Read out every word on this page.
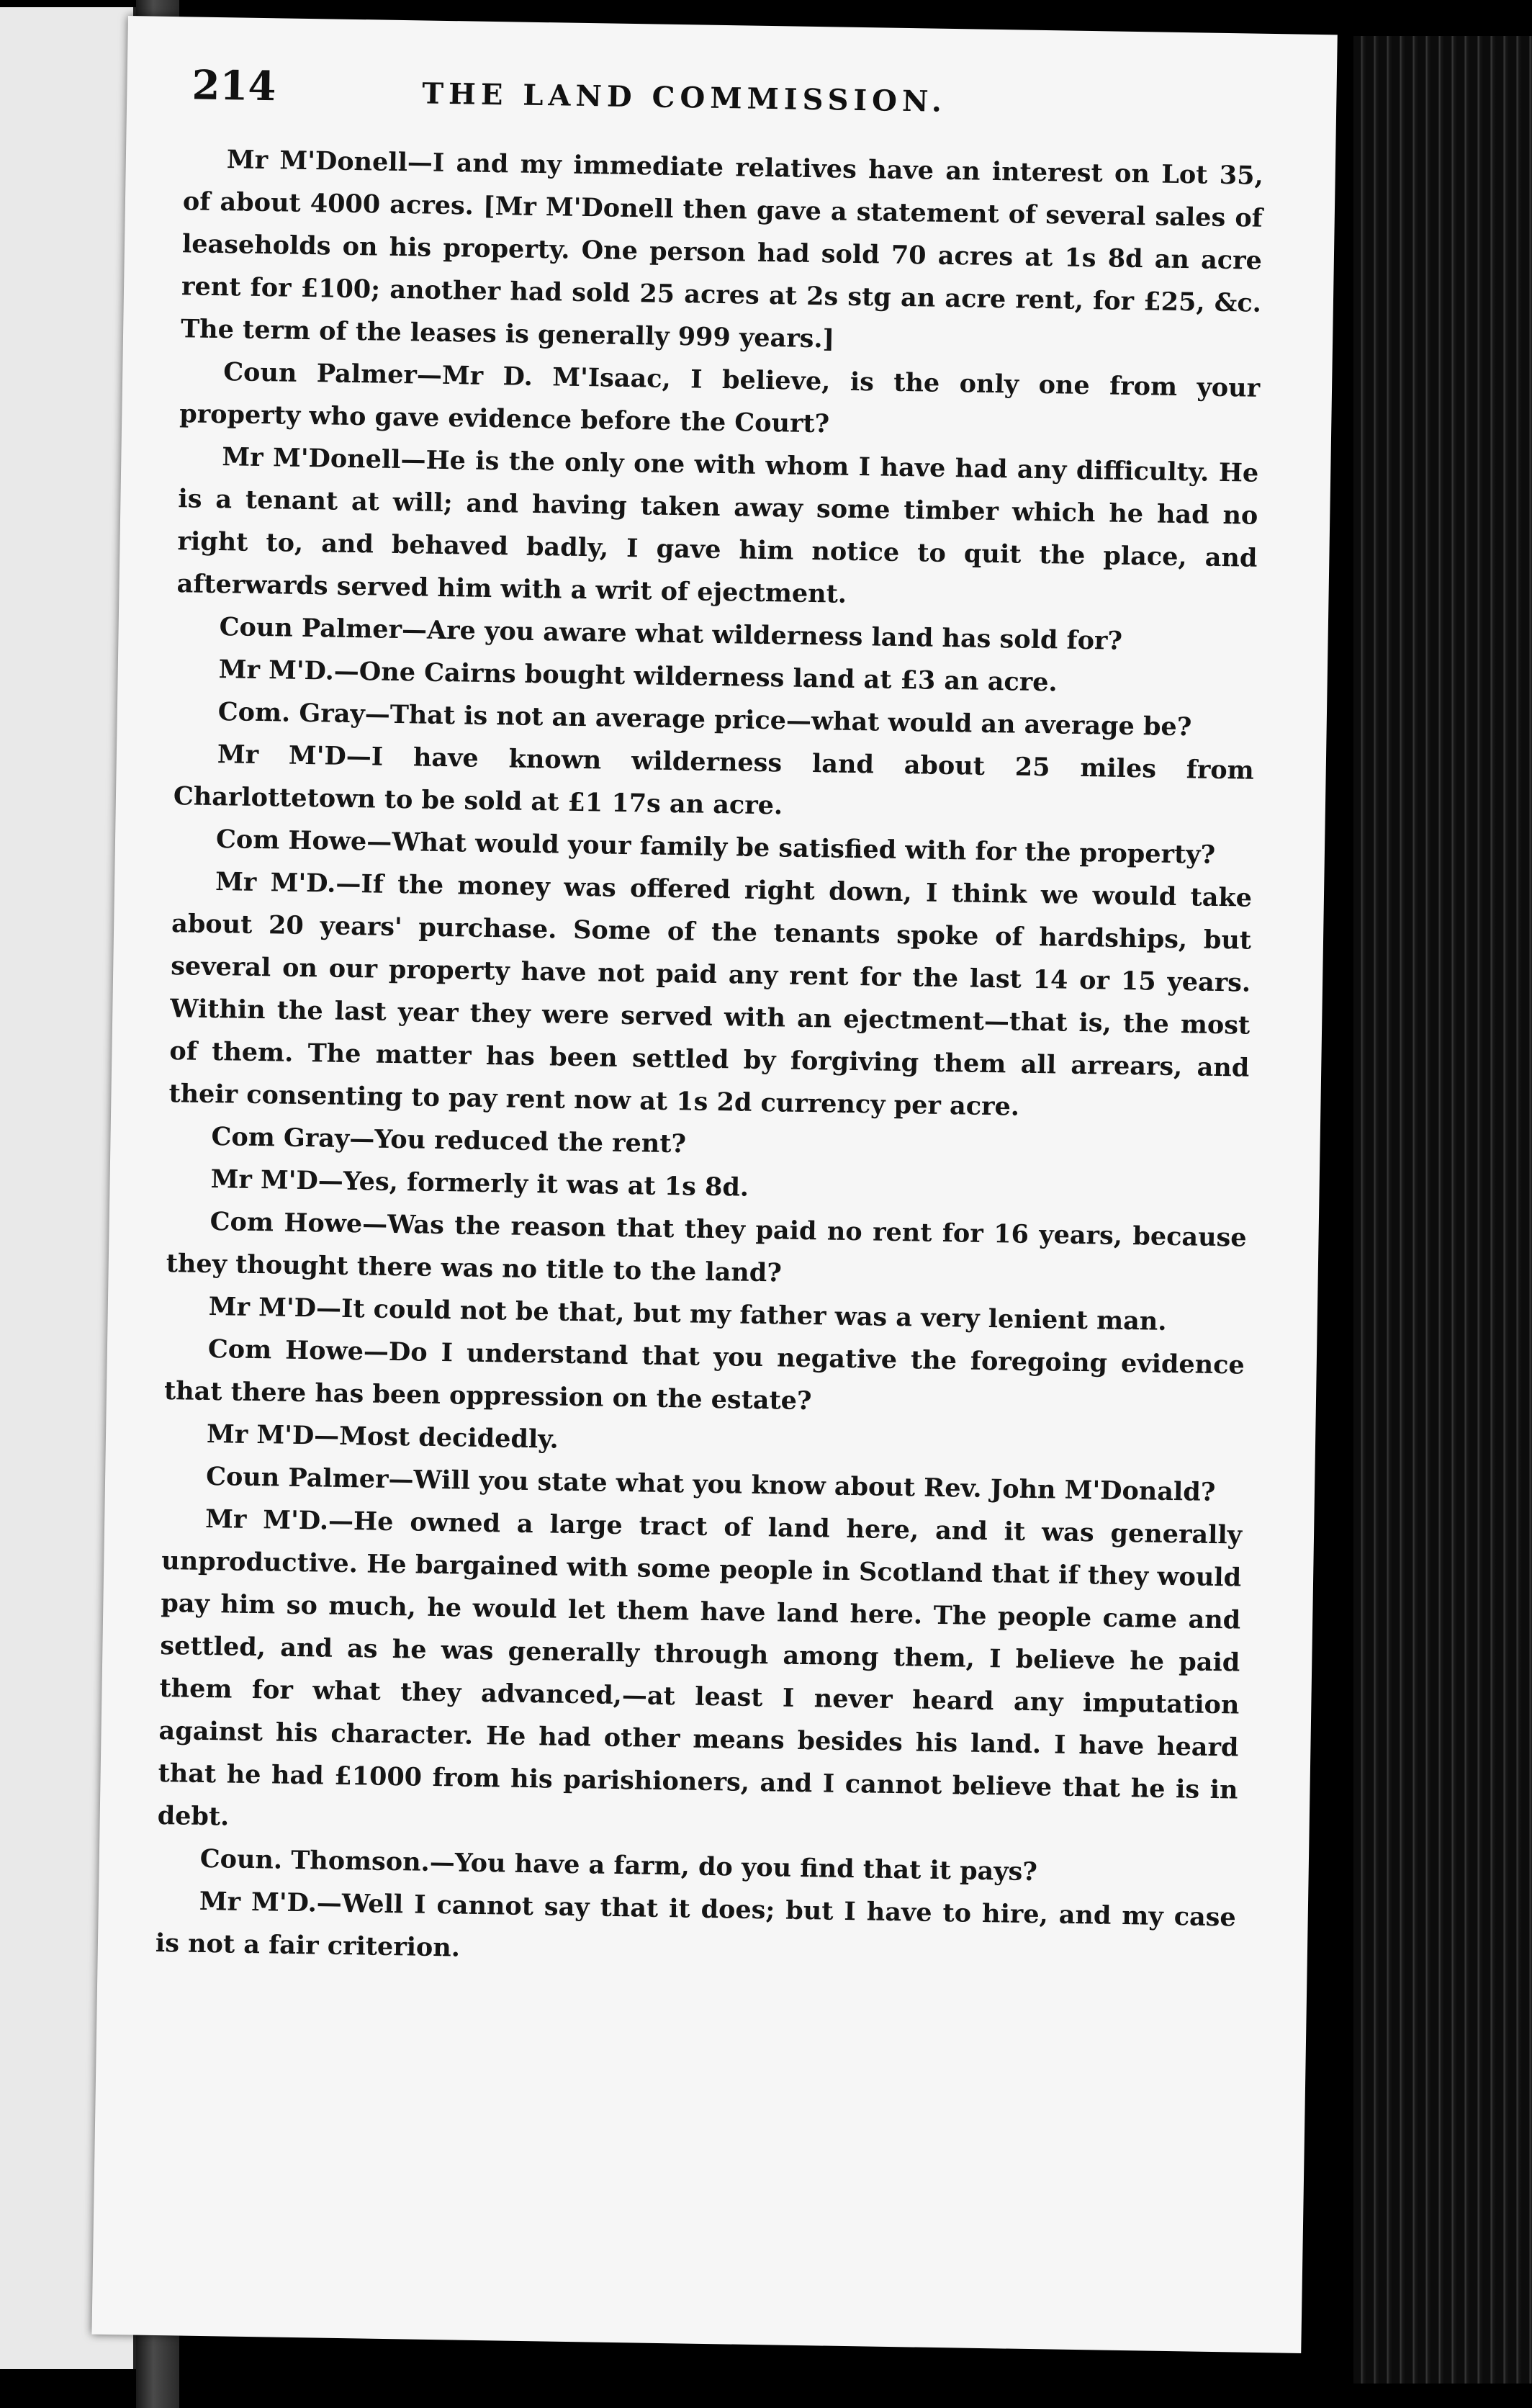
214	THE LAND COMMISSION.

Mr M'Donell—I and my immediate relatives have an interest on Lot 35, of about 4000 acres. [Mr M'Donell then gave a statement of several sales of leaseholds on his property. One person had sold 70 acres at 1s 8d an acre rent for £100; another had sold 25 acres at 2s stg an acre rent, for £25, &c. The term of the leases is generally 999 years.]

Coun Palmer—Mr D. M'Isaac, I believe, is the only one from your property who gave evidence before the Court?

Mr M'Donell—He is the only one with whom I have had any difficulty. He is a tenant at will; and having taken away some timber which he had no right to, and behaved badly, I gave him notice to quit the place, and afterwards served him with a writ of ejectment.

Coun Palmer—Are you aware what wilderness land has sold for?

Mr M'D.—One Cairns bought wilderness land at £3 an acre.

Com. Gray—That is not an average price—what would an average be?

Mr M'D—I have known wilderness land about 25 miles from Charlottetown to be sold at £1 17s an acre.

Com Howe—What would your family be satisfied with for the property?

Mr M'D.—If the money was offered right down, I think we would take about 20 years' purchase. Some of the tenants spoke of hardships, but several on our property have not paid any rent for the last 14 or 15 years. Within the last year they were served with an ejectment—that is, the most of them. The matter has been settled by forgiving them all arrears, and their consenting to pay rent now at 1s 2d currency per acre.

Com Gray—You reduced the rent?

Mr M'D—Yes, formerly it was at 1s 8d.

Com Howe—Was the reason that they paid no rent for 16 years, because they thought there was no title to the land?

Mr M'D—It could not be that, but my father was a very lenient man.

Com Howe—Do I understand that you negative the foregoing evidence that there has been oppression on the estate?

Mr M'D—Most decidedly.

Coun Palmer—Will you state what you know about Rev. John M'Donald?

Mr M'D.—He owned a large tract of land here, and it was generally unproductive. He bargained with some people in Scotland that if they would pay him so much, he would let them have land here. The people came and settled, and as he was generally through among them, I believe he paid them for what they advanced,—at least I never heard any imputation against his character. He had other means besides his land. I have heard that he had £1000 from his parishioners, and I cannot believe that he is in debt.

Coun. Thomson.—You have a farm, do you find that it pays?

Mr M'D.—Well I cannot say that it does; but I have to hire, and my case is not a fair criterion.
